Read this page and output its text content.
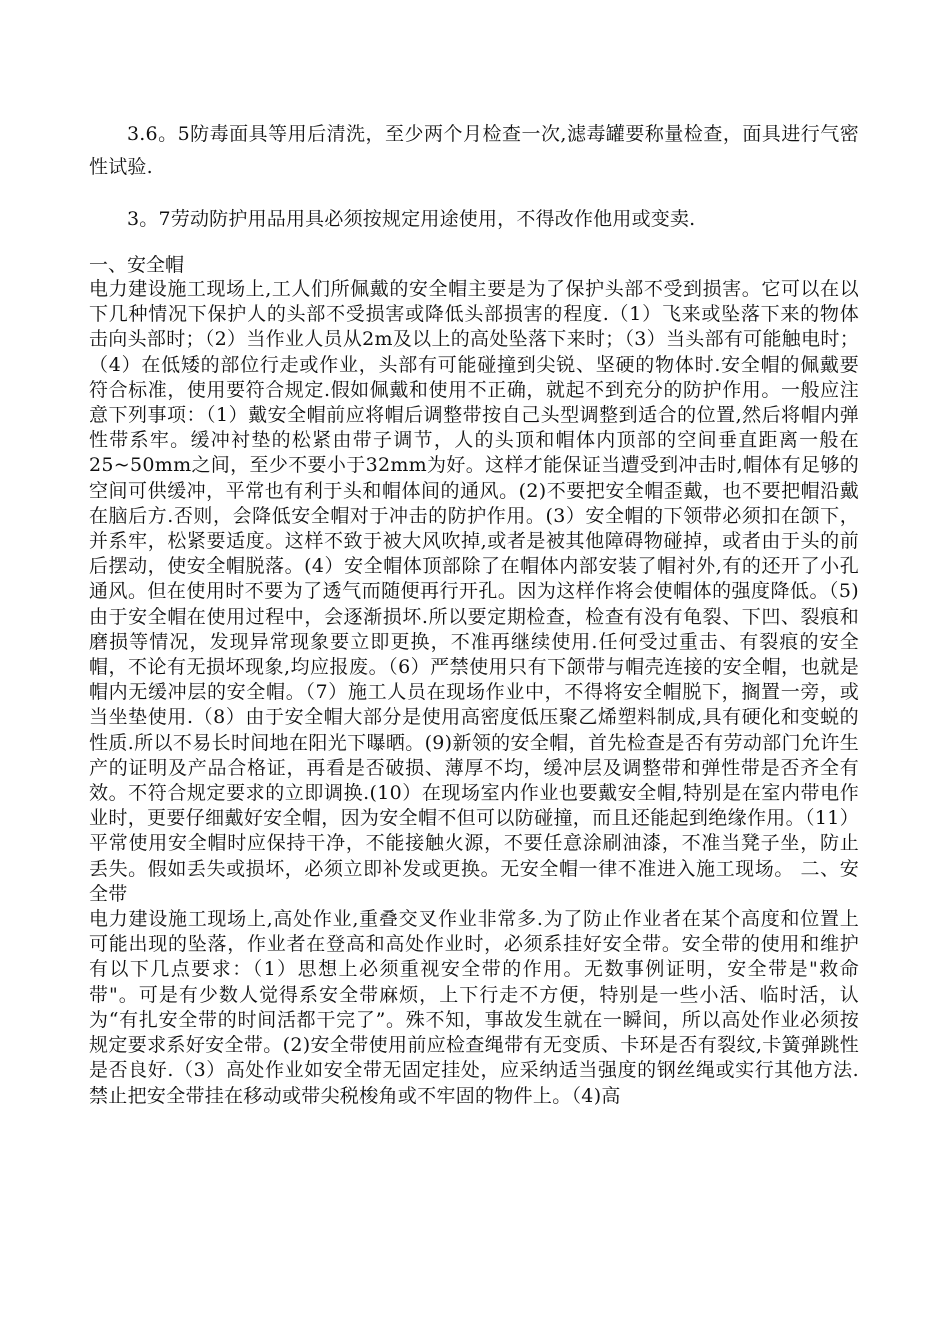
3.6。5防毒面具等用后清洗，至少两个月检查一次,滤毒罐要称量检查，面具进行气密性试验.

3。7劳动防护用品用具必须按规定用途使用，不得改作他用或变卖.

一、安全帽

电力建设施工现场上,工人们所佩戴的安全帽主要是为了保护头部不受到损害。它可以在以下几种情况下保护人的头部不受损害或降低头部损害的程度.（1）飞来或坠落下来的物体击向头部时；（2）当作业人员从2m及以上的高处坠落下来时；（3）当头部有可能触电时；（4）在低矮的部位行走或作业，头部有可能碰撞到尖锐、坚硬的物体时.安全帽的佩戴要符合标准，使用要符合规定.假如佩戴和使用不正确，就起不到充分的防护作用。一般应注意下列事项：（1）戴安全帽前应将帽后调整带按自己头型调整到适合的位置,然后将帽内弹性带系牢。缓冲衬垫的松紧由带子调节，人的头顶和帽体内顶部的空间垂直距离一般在 25~50mm之间，至少不要小于32mm为好。这样才能保证当遭受到冲击时,帽体有足够的空间可供缓冲，平常也有利于头和帽体间的通风。(2)不要把安全帽歪戴，也不要把帽沿戴在脑后方.否则，会降低安全帽对于冲击的防护作用。(3）安全帽的下领带必须扣在颌下，并系牢，松紧要适度。这样不致于被大风吹掉,或者是被其他障碍物碰掉，或者由于头的前后摆动，使安全帽脱落。(4）安全帽体顶部除了在帽体内部安装了帽衬外,有的还开了小孔通风。但在使用时不要为了透气而随便再行开孔。因为这样作将会使帽体的强度降低。（5)由于安全帽在使用过程中，会逐渐损坏.所以要定期检查，检查有没有龟裂、下凹、裂痕和磨损等情况，发现异常现象要立即更换，不准再继续使用.任何受过重击、有裂痕的安全帽，不论有无损坏现象,均应报废。（6）严禁使用只有下颌带与帽壳连接的安全帽，也就是帽内无缓冲层的安全帽。（7）施工人员在现场作业中，不得将安全帽脱下，搁置一旁，或当坐垫使用.（8）由于安全帽大部分是使用高密度低压聚乙烯塑料制成,具有硬化和变蜕的性质.所以不易长时间地在阳光下曝晒。(9)新领的安全帽，首先检查是否有劳动部门允许生产的证明及产品合格证，再看是否破损、薄厚不均，缓冲层及调整带和弹性带是否齐全有效。不符合规定要求的立即调换.(10）在现场室内作业也要戴安全帽,特别是在室内带电作业时，更要仔细戴好安全帽，因为安全帽不但可以防碰撞，而且还能起到绝缘作用。（11）平常使用安全帽时应保持干净，不能接触火源，不要任意涂刷油漆，不准当凳子坐，防止丢失。假如丢失或损坏，必须立即补发或更换。无安全帽一律不准进入施工现场。 二、安全带

电力建设施工现场上,高处作业,重叠交叉作业非常多.为了防止作业者在某个高度和位置上可能出现的坠落，作业者在登高和高处作业时，必须系挂好安全带。安全带的使用和维护有以下几点要求：（1）思想上必须重视安全带的作用。无数事例证明，安全带是"救命带"。可是有少数人觉得系安全带麻烦，上下行走不方便，特别是一些小活、临时活，认为“有扎安全带的时间活都干完了”。殊不知，事故发生就在一瞬间，所以高处作业必须按规定要求系好安全带。(2)安全带使用前应检查绳带有无变质、卡环是否有裂纹,卡簧弹跳性是否良好.（3）高处作业如安全带无固定挂处，应采纳适当强度的钢丝绳或实行其他方法.禁止把安全带挂在移动或带尖税梭角或不牢固的物件上。（4)高
